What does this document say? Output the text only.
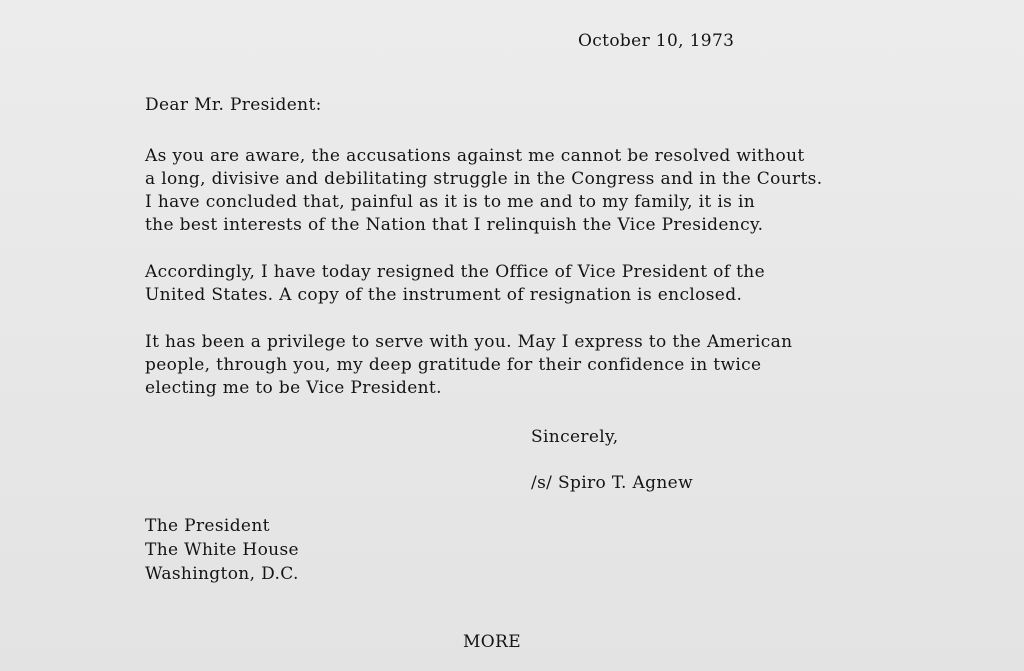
October 10, 1973
Dear Mr. President:
As you are aware, the accusations against me cannot be resolved without
a long, divisive and debilitating struggle in the Congress and in the Courts.
I have concluded that, painful as it is to me and to my family, it is in
the best interests of the Nation that I relinquish the Vice Presidency.
Accordingly, I have today resigned the Office of Vice President of the
United States. A copy of the instrument of resignation is enclosed.
It has been a privilege to serve with you. May I express to the American
people, through you, my deep gratitude for their confidence in twice
electing me to be Vice President.
Sincerely,
/s/ Spiro T. Agnew
The President
The White House
Washington, D.C.
MORE
